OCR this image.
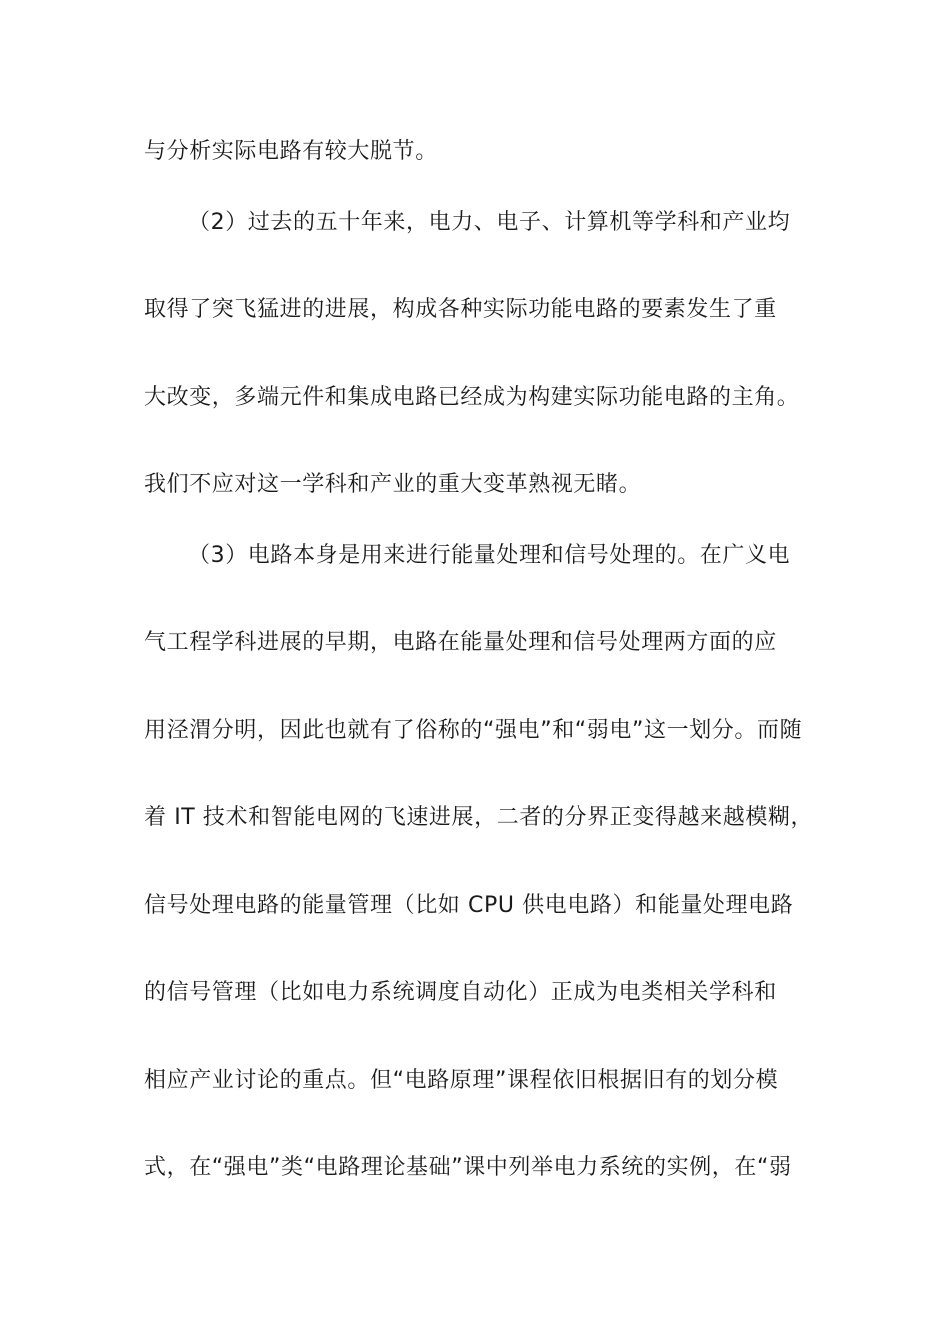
与分析实际电路有较大脱节。
（2）过去的五十年来，电力、电子、计算机等学科和产业均
取得了突飞猛进的进展，构成各种实际功能电路的要素发生了重
大改变，多端元件和集成电路已经成为构建实际功能电路的主角。
我们不应对这一学科和产业的重大变革熟视无睹。
（3）电路本身是用来进行能量处理和信号处理的。在广义电
气工程学科进展的早期，电路在能量处理和信号处理两方面的应
用泾渭分明，因此也就有了俗称的“强电”和“弱电”这一划分。而随
着 IT 技术和智能电网的飞速进展，二者的分界正变得越来越模糊，
信号处理电路的能量管理（比如 CPU 供电电路）和能量处理电路
的信号管理（比如电力系统调度自动化）正成为电类相关学科和
相应产业讨论的重点。但“电路原理”课程依旧根据旧有的划分模
式，在“强电”类“电路理论基础”课中列举电力系统的实例，在“弱
